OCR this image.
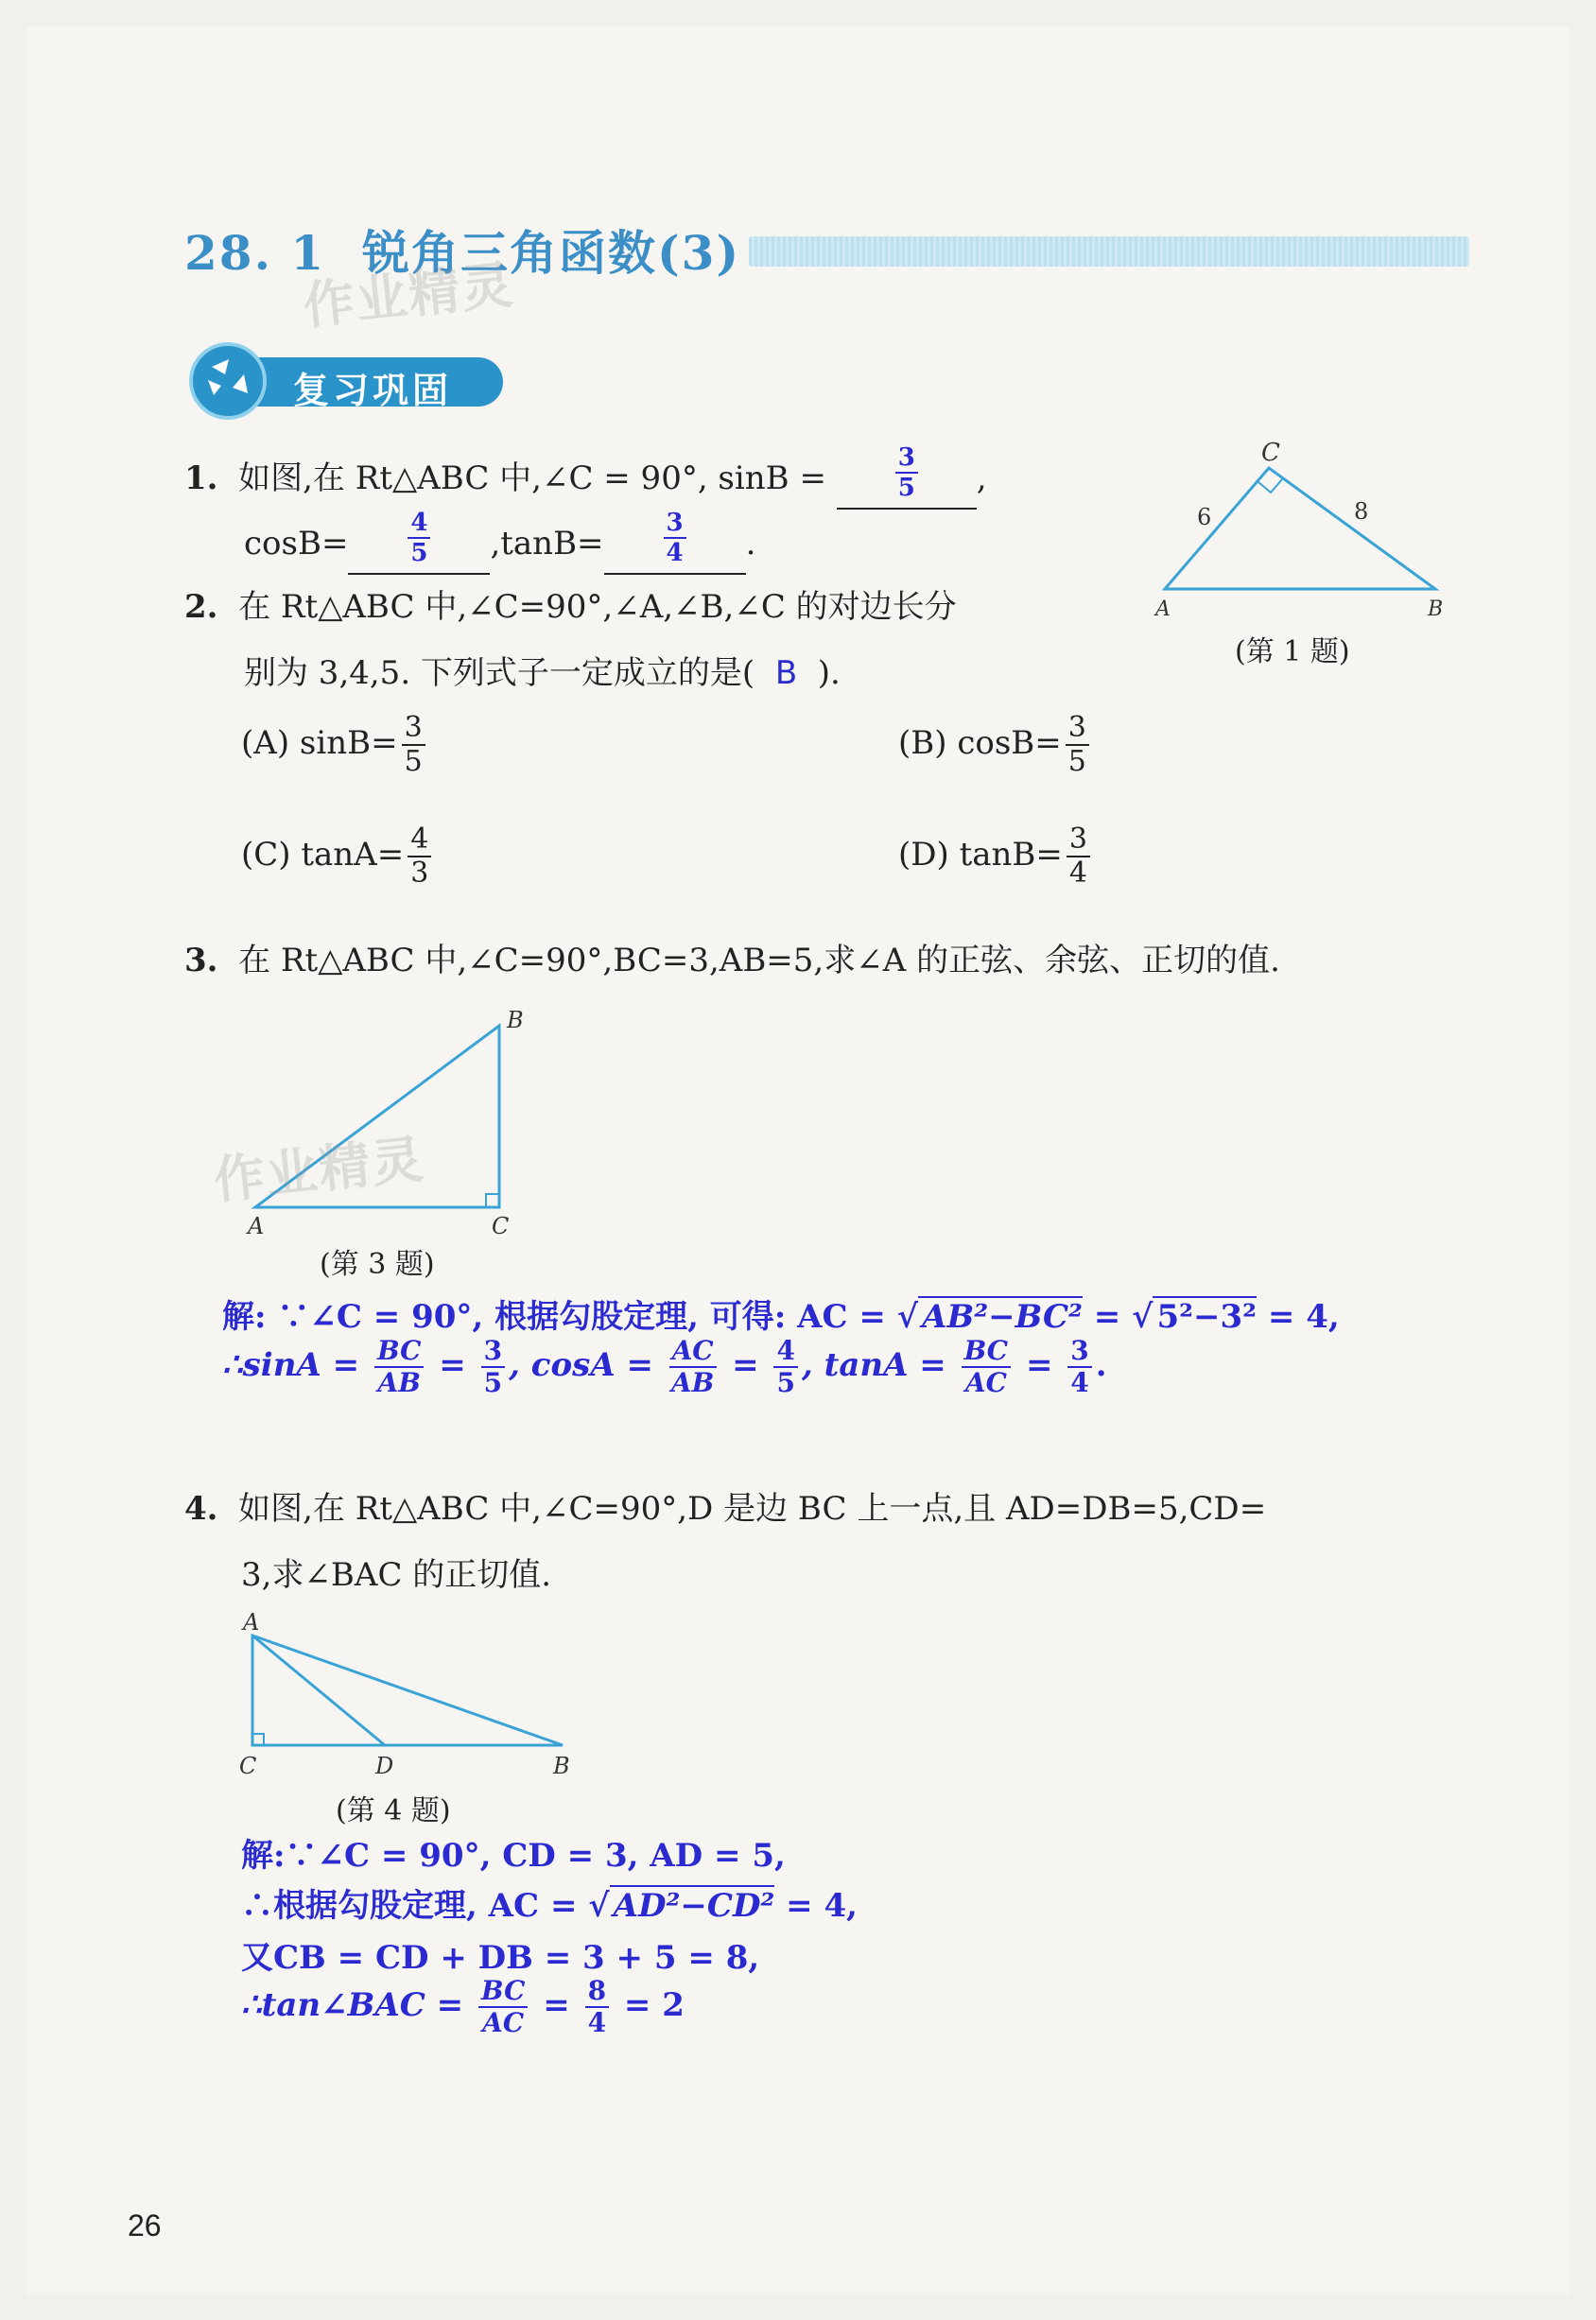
28. 1 锐角三角函数(3)
作业精灵
复习巩固
1. 如图,在 Rt△ABC 中,∠C = 90°, sinB =	$\frac{3}{5}$ ,
$\cos B= \frac{4}{5} ,\tan B= \frac{3}{4}$ .
C
A	B
6	8
(第 1 题)
2. 在 Rt△ABC 中,∠C=90°,∠A,∠B,∠C 的对边长分
别为 3,4,5. 下列式子一定成立的是( B ).
(A) $\sin B= \frac{3}{5}$	(B) $\cos B= \frac{3}{5}$
(C) $\tan A= \frac{4}{3}$	(D) $\tan B= \frac{3}{4}$
3. 在 Rt△ABC 中,∠C=90°,BC=3,AB=5,求∠A 的正弦、余弦、正切的值.
B
A	C
作业精灵
(第 3 题)
解: ∵∠C = 90°, 根据勾股定理, 可得: AC = √ AB²−BC² = √ 5²−3² = 4,
∴sinA = $\frac{BC}{AB} = \frac{3}{5}$ , $\cos A = \frac{AC}{AB} = \frac{4}{5}$ , $\tan A = \frac{BC}{AC} = \frac{3}{4}$ .
4. 如图,在 Rt△ABC 中,∠C=90°,D 是边 BC 上一点,且 AD=DB=5,CD=
3,求∠BAC 的正切值.
A
C	D	B
(第 4 题)
解:∵∠C = 90°, CD = 3, AD = 5,
∴根据勾股定理, AC = √ AD²−CD² = 4,
又CB = CD + DB = 3 + 5 = 8,
∴tan∠BAC = $\frac{BC}{AC} = \frac{8}{4} = 2$
26
